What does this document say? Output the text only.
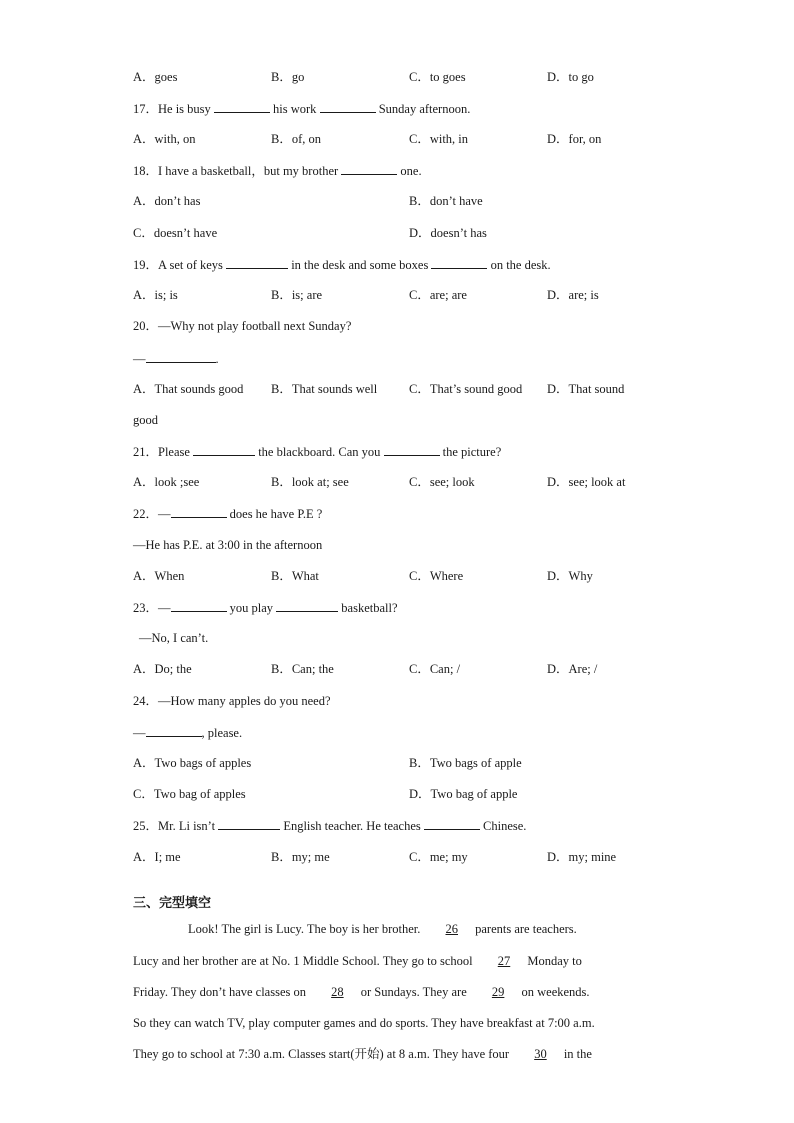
A．goes	B．go	C．to goes	D．to go
17．He is busy	his work	Sunday afternoon.
A．with, on	B．of, on	C．with, in	D．for, on
18．I have a basketball，but my brother	one.
A．don’t has	B．don’t have
C．doesn’t have	D．doesn’t has
19．A set of keys	in the desk and some boxes	on the desk.
A．is; is	B．is; are	C．are; are	D．are; is
20．—Why not play football next Sunday?
—	.
A．That sounds good B．That sounds well	C．That’s sound good D．That sound
good
21．Please	the blackboard. Can you	the picture?
A．look ;see	B．look at; see	C．see; look	D．see; look at
22．—	does he have P.E ?
—He has P.E. at 3:00 in the afternoon
A．When	B．What	C．Where	D．Why
23．—	you play	basketball?
—No, I can’t.
A．Do; the	B．Can; the	C．Can; /	D．Are; /
24．—How many apples do you need?
—	, please.
A．Two bags of apples	B．Two bags of apple
C．Two bag of apples	D．Two bag of apple
25．Mr. Li isn’t	English teacher. He teaches	Chinese.
A．I; me	B．my; me	C．me; my	D．my; mine
三、完型填空
Look! The girl is Lucy. The boy is her brother. 26 parents are teachers.
Lucy and her brother are at No. 1 Middle School. They go to school 27 Monday to
Friday. They don’t have classes on 28 or Sundays. They are 29 on weekends.
So they can watch TV, play computer games and do sports. They have breakfast at 7:00 a.m.
They go to school at 7:30 a.m. Classes start(开始) at 8 a.m. They have four 30 in the
